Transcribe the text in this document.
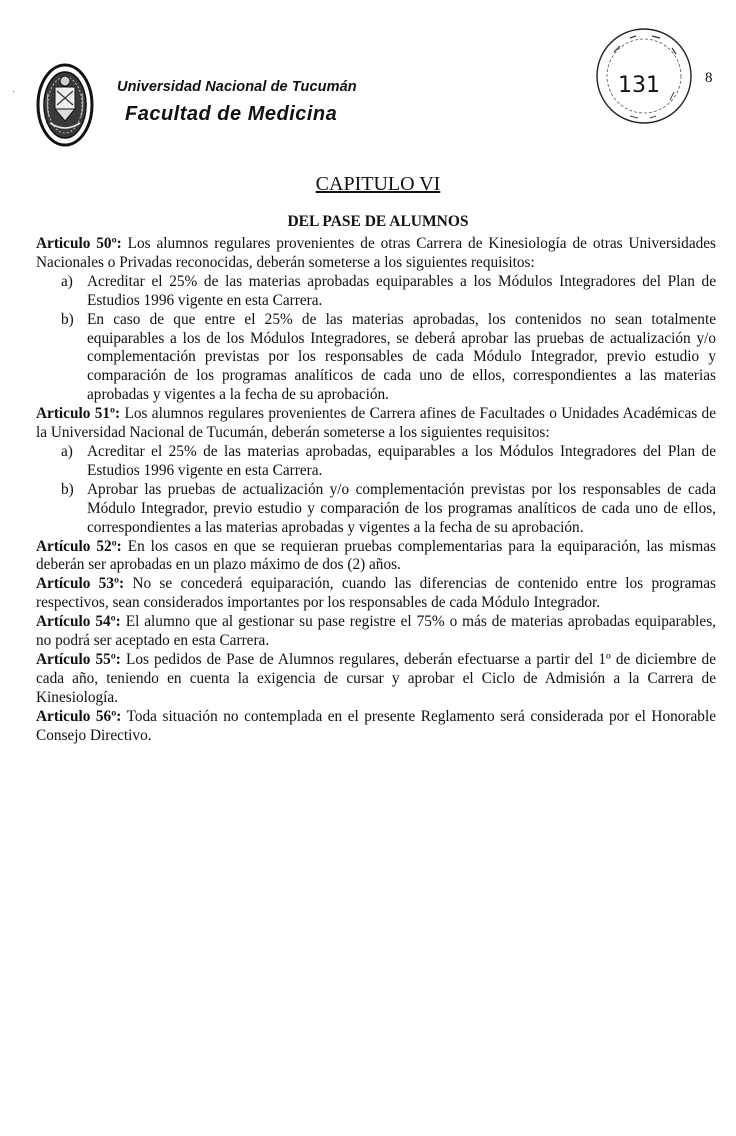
ˎ	Universidad Nacional de Tucumán
Facultad de Medicina
131	8
CAPITULO VI
DEL PASE DE ALUMNOS

Articulo 50º: Los alumnos regulares provenientes de otras Carrera de Kinesiología de otras Universidades Nacionales o Privadas reconocidas, deberán someterse a los siguientes requisitos:

a) Acreditar el 25% de las materias aprobadas equiparables a los Módulos Integradores del Plan de Estudios 1996 vigente en esta Carrera.

b) En caso de que entre el 25% de las materias aprobadas, los contenidos no sean totalmente equiparables a los de los Módulos Integradores, se deberá aprobar las pruebas de actualización y/o complementación previstas por los responsables de cada Módulo Integrador, previo estudio y comparación de los programas analíticos de cada uno de ellos, correspondientes a las materias aprobadas y vigentes a la fecha de su aprobación.

Articulo 51º: Los alumnos regulares provenientes de Carrera afines de Facultades o Unidades Académicas de la Universidad Nacional de Tucumán, deberán someterse a los siguientes requisitos:

a) Acreditar el 25% de las materias aprobadas, equiparables a los Módulos Integradores del Plan de Estudios 1996 vigente en esta Carrera.

b) Aprobar las pruebas de actualización y/o complementación previstas por los responsables de cada Módulo Integrador, previo estudio y comparación de los programas analíticos de cada uno de ellos, correspondientes a las materias aprobadas y vigentes a la fecha de su aprobación.

Artículo 52º: En los casos en que se requieran pruebas complementarias para la equiparación, las mismas deberán ser aprobadas en un plazo máximo de dos (2) años.

Artículo 53º: No se concederá equiparación, cuando las diferencias de contenido entre los programas respectivos, sean considerados importantes por los responsables de cada Módulo Integrador.

Artículo 54º: El alumno que al gestionar su pase registre el 75% o más de materias aprobadas equiparables, no podrá ser aceptado en esta Carrera.

Artículo 55º: Los pedidos de Pase de Alumnos regulares, deberán efectuarse a partir del 1º de diciembre de cada año, teniendo en cuenta la exigencia de cursar y aprobar el Ciclo de Admisión a la Carrera de Kinesiología.

Articulo 56º: Toda situación no contemplada en el presente Reglamento será considerada por el Honorable Consejo Directivo.
